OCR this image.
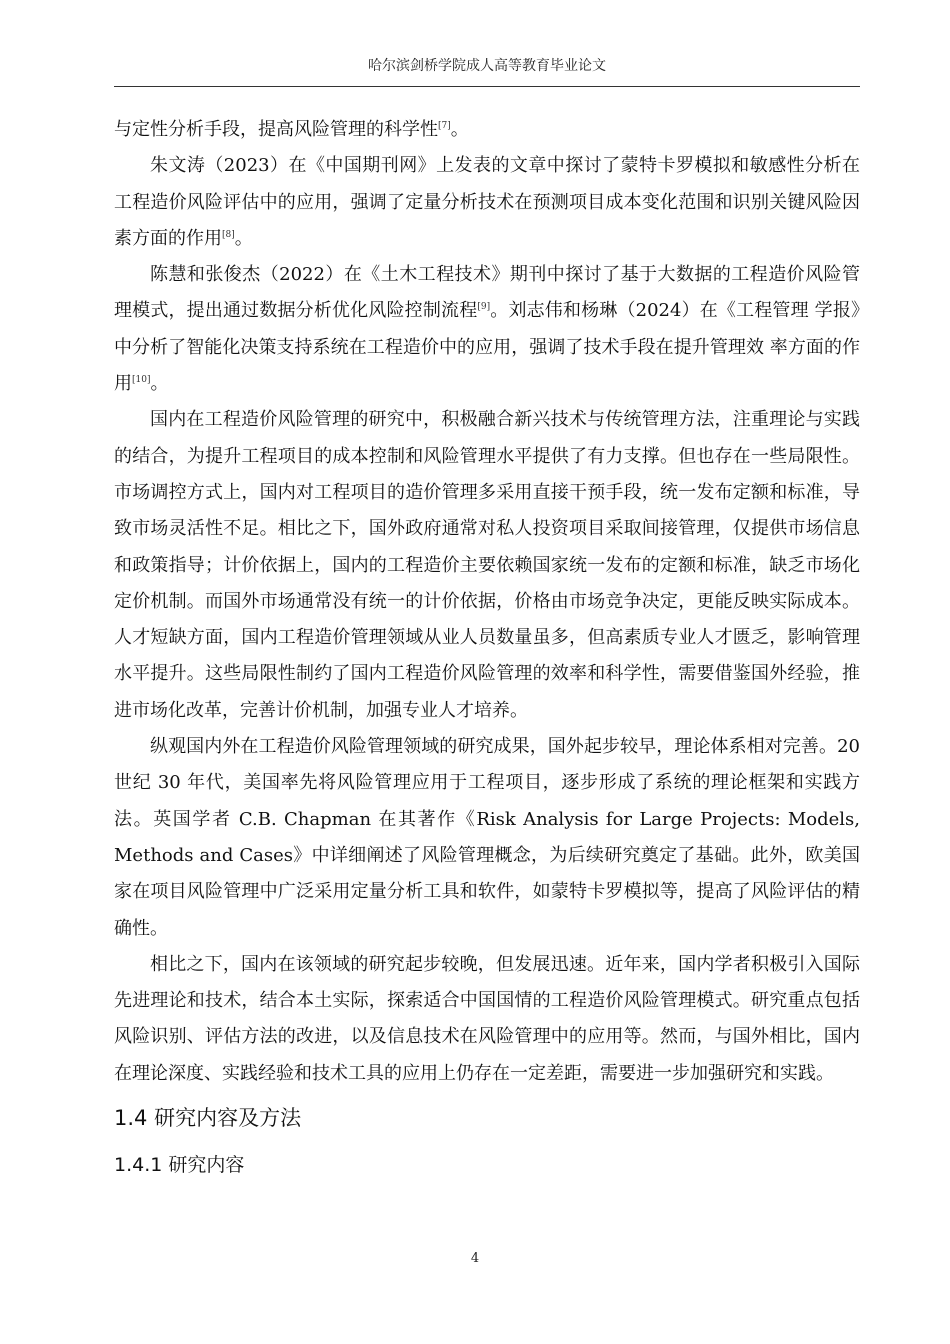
哈尔滨剑桥学院成人高等教育毕业论文

与定性分析手段，提高风险管理的科学性[7]。

朱文涛（2023）在《中国期刊网》上发表的文章中探讨了蒙特卡罗模拟和敏感性分析在工程造价风险评估中的应用，强调了定量分析技术在预测项目成本变化范围和识别关键风险因素方面的作用[8]。

陈慧和张俊杰（2022）在《土木工程技术》期刊中探讨了基于大数据的工程造价风险管理模式，提出通过数据分析优化风险控制流程[9]。刘志伟和杨琳（2024）在《工程管理 学报》中分析了智能化决策支持系统在工程造价中的应用，强调了技术手段在提升管理效 率方面的作用[10]。

国内在工程造价风险管理的研究中，积极融合新兴技术与传统管理方法，注重理论与实践的结合，为提升工程项目的成本控制和风险管理水平提供了有力支撑。但也存在一些局限性。市场调控方式上，国内对工程项目的造价管理多采用直接干预手段，统一发布定额和标准，导致市场灵活性不足。相比之下，国外政府通常对私人投资项目采取间接管理，仅提供市场信息和政策指导；计价依据上，国内的工程造价主要依赖国家统一发布的定额和标准，缺乏市场化定价机制。而国外市场通常没有统一的计价依据，价格由市场竞争决定，更能反映实际成本。人才短缺方面，国内工程造价管理领域从业人员数量虽多，但高素质专业人才匮乏，影响管理水平提升。这些局限性制约了国内工程造价风险管理的效率和科学性，需要借鉴国外经验，推进市场化改革，完善计价机制，加强专业人才培养。

纵观国内外在工程造价风险管理领域的研究成果，国外起步较早，理论体系相对完善。20 世纪 30 年代，美国率先将风险管理应用于工程项目，逐步形成了系统的理论框架和实践方法。英国学者 C.B. Chapman 在其著作《Risk Analysis for Large Projects: Models, Methods and Cases》中详细阐述了风险管理概念，为后续研究奠定了基础。此外，欧美国家在项目风险管理中广泛采用定量分析工具和软件，如蒙特卡罗模拟等，提高了风险评估的精确性。

相比之下，国内在该领域的研究起步较晚，但发展迅速。近年来，国内学者积极引入国际先进理论和技术，结合本土实际，探索适合中国国情的工程造价风险管理模式。研究重点包括风险识别、评估方法的改进，以及信息技术在风险管理中的应用等。然而，与国外相比，国内在理论深度、实践经验和技术工具的应用上仍存在一定差距，需要进一步加强研究和实践。

1.4 研究内容及方法
1.4.1 研究内容
4
